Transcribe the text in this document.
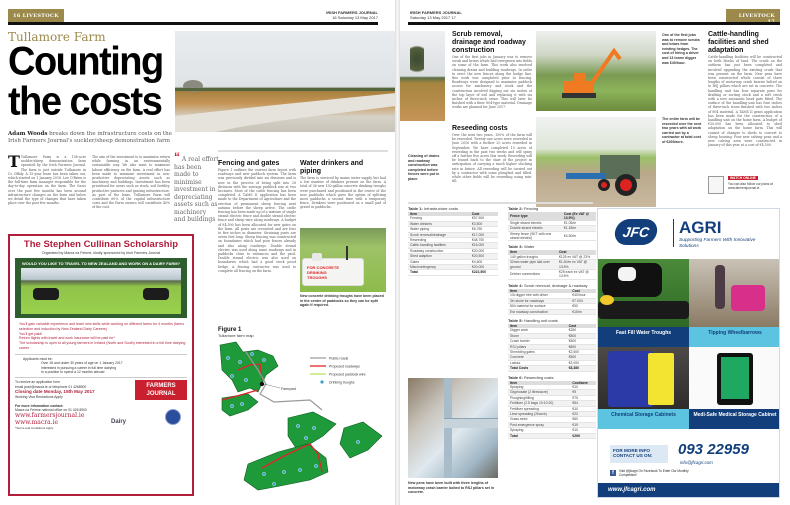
16 LIVESTOCK
IRISH FARMERS JOURNAL
16 Saturday 13 May 2017
Tullamore Farm
Counting
the costs
Adam Woods breaks down the infrastructure costs on the Irish Farmers Journal's suckler/sheep demonstration farm
T Tullamore Farm is a 106-acre suckler/sheep demonstration farm operated by the Irish Farmers Journal. The farm is just outside Tullamore in Co Offaly. A 15-year lease has been taken out, which started on 1 January 2016. Lee O'Brien is the full-time farm manager responsible for the day-to-day operation on the farm. The focus over the past few months has been around infrastructure changes on the farm and below we detail the type of changes that have taken place over the past few months.
The aim of the investment is to maximise return while farming in an environmentally sustainable way. We also want to maximise labour efficiency on the farm. A real effort has been made to minimise investment in non-productive depreciating assets such as machinery and buildings. Investment has been prioritised for areas such as stock, soil fertility, productive pastures and grazing infrastructure. As part of the lease, Tullamore Farm will contribute 60% of the capital infrastructure costs and the Farm owners will contribute 40% of the cost.
“ A real effort has been made to minimise investment in depreciating assets such as machinery and buildings
Fencing and gates
Figure 1 outlines the current farm layout with roadways and new paddock system. The farm was previously divided into six divisions and is now in the process of being split into 28 divisions with the average paddock size at two hectares. Most of the cattle fencing has been completed. A TAMS II application has been made to the Department of Agriculture and the erection of permanent sheep fencing next autumn before the sheep arrive. The cattle fencing has been made up of a mixture of single strand electric fence and double strand electric fence and sheep wire along roadways. A budget of €4,500 has been allocated for new gates on the farm. All posts are creosoted and are four to five inches in diameter. Straining posts are seven feet long. Sheep fencing was constructed on boundaries which had poor fences already and also along roadways. Double strand electric was used along some roadways and in paddocks close to entrances and the yard. Double strand electric was also used on boundaries which had a good stock proof hedge. A fencing contractor was used to complete all fencing on the farm.
Water drinkers and piping
The farm is serviced by mains water supply but had a low number of drinkers present on the farm. A total of 36 new 150-gallon concrete drinking troughs were purchased and positioned in the centre of the new paddocks which gives the option of splitting most paddocks a second time with a temporary fence. Drinkers were positioned on a small pad of gravel in paddocks.
FOR CONCRETE DRINKING TROUGHS
New concrete drinking troughs have been placed in the centre of paddocks so they can be split again if required.
Figure 1
Tullamore farm map
Farmyard
Public roads
Proposed roadways
Proposed paddock wire
Drinking troughs
The Stephen Cullinan Scholarship
Organised by Macra na Feirme, kindly sponsored by Irish Farmers Journal
WOULD YOU LIKE TO TRAVEL TO NEW ZEALAND AND WORK ON A DAIRY FARM?
You'll gain valuable experience and learn new skills while working on different farms for 4 months (farms selection and induction by New Zealand Dairy Careers)
You'll get paid!
Return flights with travel and work insurance will be paid for*
The scholarship is open to all young farmers in Ireland (North and South) interested in a full time dairying career
Applicants must be:
Over 18 and under 30 years of age on 1 January 2017
Interested in pursuing a career in full time dairying
In a position to spend a 12 months abroad
To receive an application form
email jconf@macra.ie or telephone 01 4268900
Closing date Monday, 15th May 2017
Working Visa Restrictions Apply
FARMERS JOURNAL
For more information contact:
Macra na Feirme national office on 01 426 8900
www.farmersjournal.ie
www.macra.ie
*Terms and Conditions Apply
Dairy
IRISH FARMERS JOURNAL
Saturday 13 May 2017 17	LIVESTOCK
Cleaning of drains and roadway construction was completed before fences were put in place.
Scrub removal, drainage and roadway construction
One of the first jobs in January was to remove scrub and briars which had overgrown into fields on some of the farm. This work also involved cleaning drains and building roadways. In order to erect the new fences along the hedge line, this work was completed prior to fencing. Roadways were designed to maximise paddock access for machinery and stock and the construction involved digging out six inches of the top layer of soil and replacing it with six inches of three-inch stone. This will later be finished with a finer 804-type material. Drainage works are planned for June 2017.
Reseeding costs
Over the next two years, 100% of the farm will be reseeded. Twenty-one acres were reseeded in June 2016 with a further 20 acres reseeded in September. We have completed 15 acres of reseeding in the past two weeks and will spray off a further five acres this week. Reseeding will be leased back to the start of the project in anticipation of carrying a much higher stocking rate in future. All reseeding will be carried out by a contractor with some ploughed and tilled, while other fields will be reseeding using min-till.
One of the first jobs was to remove scrubs and briars from existing hedges. The cost of hiring a driver and 13 tonne digger was €40/hour.
The entire farm will be reseeded over the next two years with all work carried out by a contractor at total cost of €269/acre.
Cattle-handling facilities and shed adaptation
Cattle-handling facilities will be constructed on both blocks of land. The crush on the outfarm has just been completed and involved upgrading the existing crush that was present on the farm. New pens have been constructed which consist of three lengths of motorway crash barrier bolted on to RSJ pillars which are set in concrete. The handling unit has four separate pens for drafting or sorting stock and a soft crush with a new automatic head gate fitted. The surface of the handling unit has four inches of three-inch stone finished with two inches of 804 material. A TAMS II grant application has been made for the construction of a handling unit on the home farm. A budget of €50,000 has been allocated to shed adaptation on the home farm. This will consist of changes to sheds to convert to sheep housing. Four new calving pens and a new calving area were constructed in January of this year at a cost of €4,500.
WATCH ONLINE
You can also follow our plans at www.farmersjournal.ie
Table 1: Infrastructure costs
Item	Cost
Fencing	€57,500
Water drinkers	€3,500
Water piping	€6,750
Scrub removal/drainage	€17,000
Reseeding	€48,750
Cattle-handling facilities	€16,000
Roadway construction	€20,000
Shed adaption	€20,500
Gates	€4,500
Misc/contingency	€20,000
Total	€222,500
Table 2: Fencing
Fence type	Cost (Ex VAT @ 13.5%)
Single strand electric	€1.05/m
Double strand electric	€1.45/m
Sheep fence (SKT with one strand electric)	€4.50/m
Table 3: Water
Item	Cost
140 gallon troughs	€125 ex VAT @ 23%
32mm water pipe laid over ground	€1.40/m ex VAT @ 13.5%
Drinker connections	€25 each ex VAT @ 13.5%
Table 4: Scrub removal, drainage & roadway
Item	Cost
13t digger hire with driver	€40/hour
3in stone for roadways	€7.00/t
804 material for surface	€50
Est roadway construction	€15/m
Table 5: Handling unit costs
Item	Cost
Digger work	€280
Stone	€800
Crash barrier	€500
RSJ pillars	€800
Shredding gates	€2,500
Concrete	€500
Labour	€2,000
Total Costs	€8,380
Table 6: Reseeding costs
Item	Cost/acre
Spraying	€10
Glyphosate (2 litres/acre)	€9
Ploughing/tilling	€75
Fertiliser (2.5 bags 10:10:20)	€54
Fertiliser spreading	€10
Lime spreading (2t/acre)	€22
Grass seed	€60
Post emergence spray	€19
Spraying	€10
Total	€269
New pens have been built with three lengths of motorway crash barrier bolted to RSJ pillars set in concrete.
JFC	AGRI
Supporting Farmers With Innovative Solutions
Fast Fill Water Troughs	Tipping Wheelbarrows
Chemical Storage Cabinets	Medi-Safe Medical Storage Cabinet
FOR MORE INFO CONTACT US ON:	093 22959
info@jfcagri.com
f	Visit @jfcagri On Facebook To Enter Our Monthly Competition!
www.jfcagri.com
